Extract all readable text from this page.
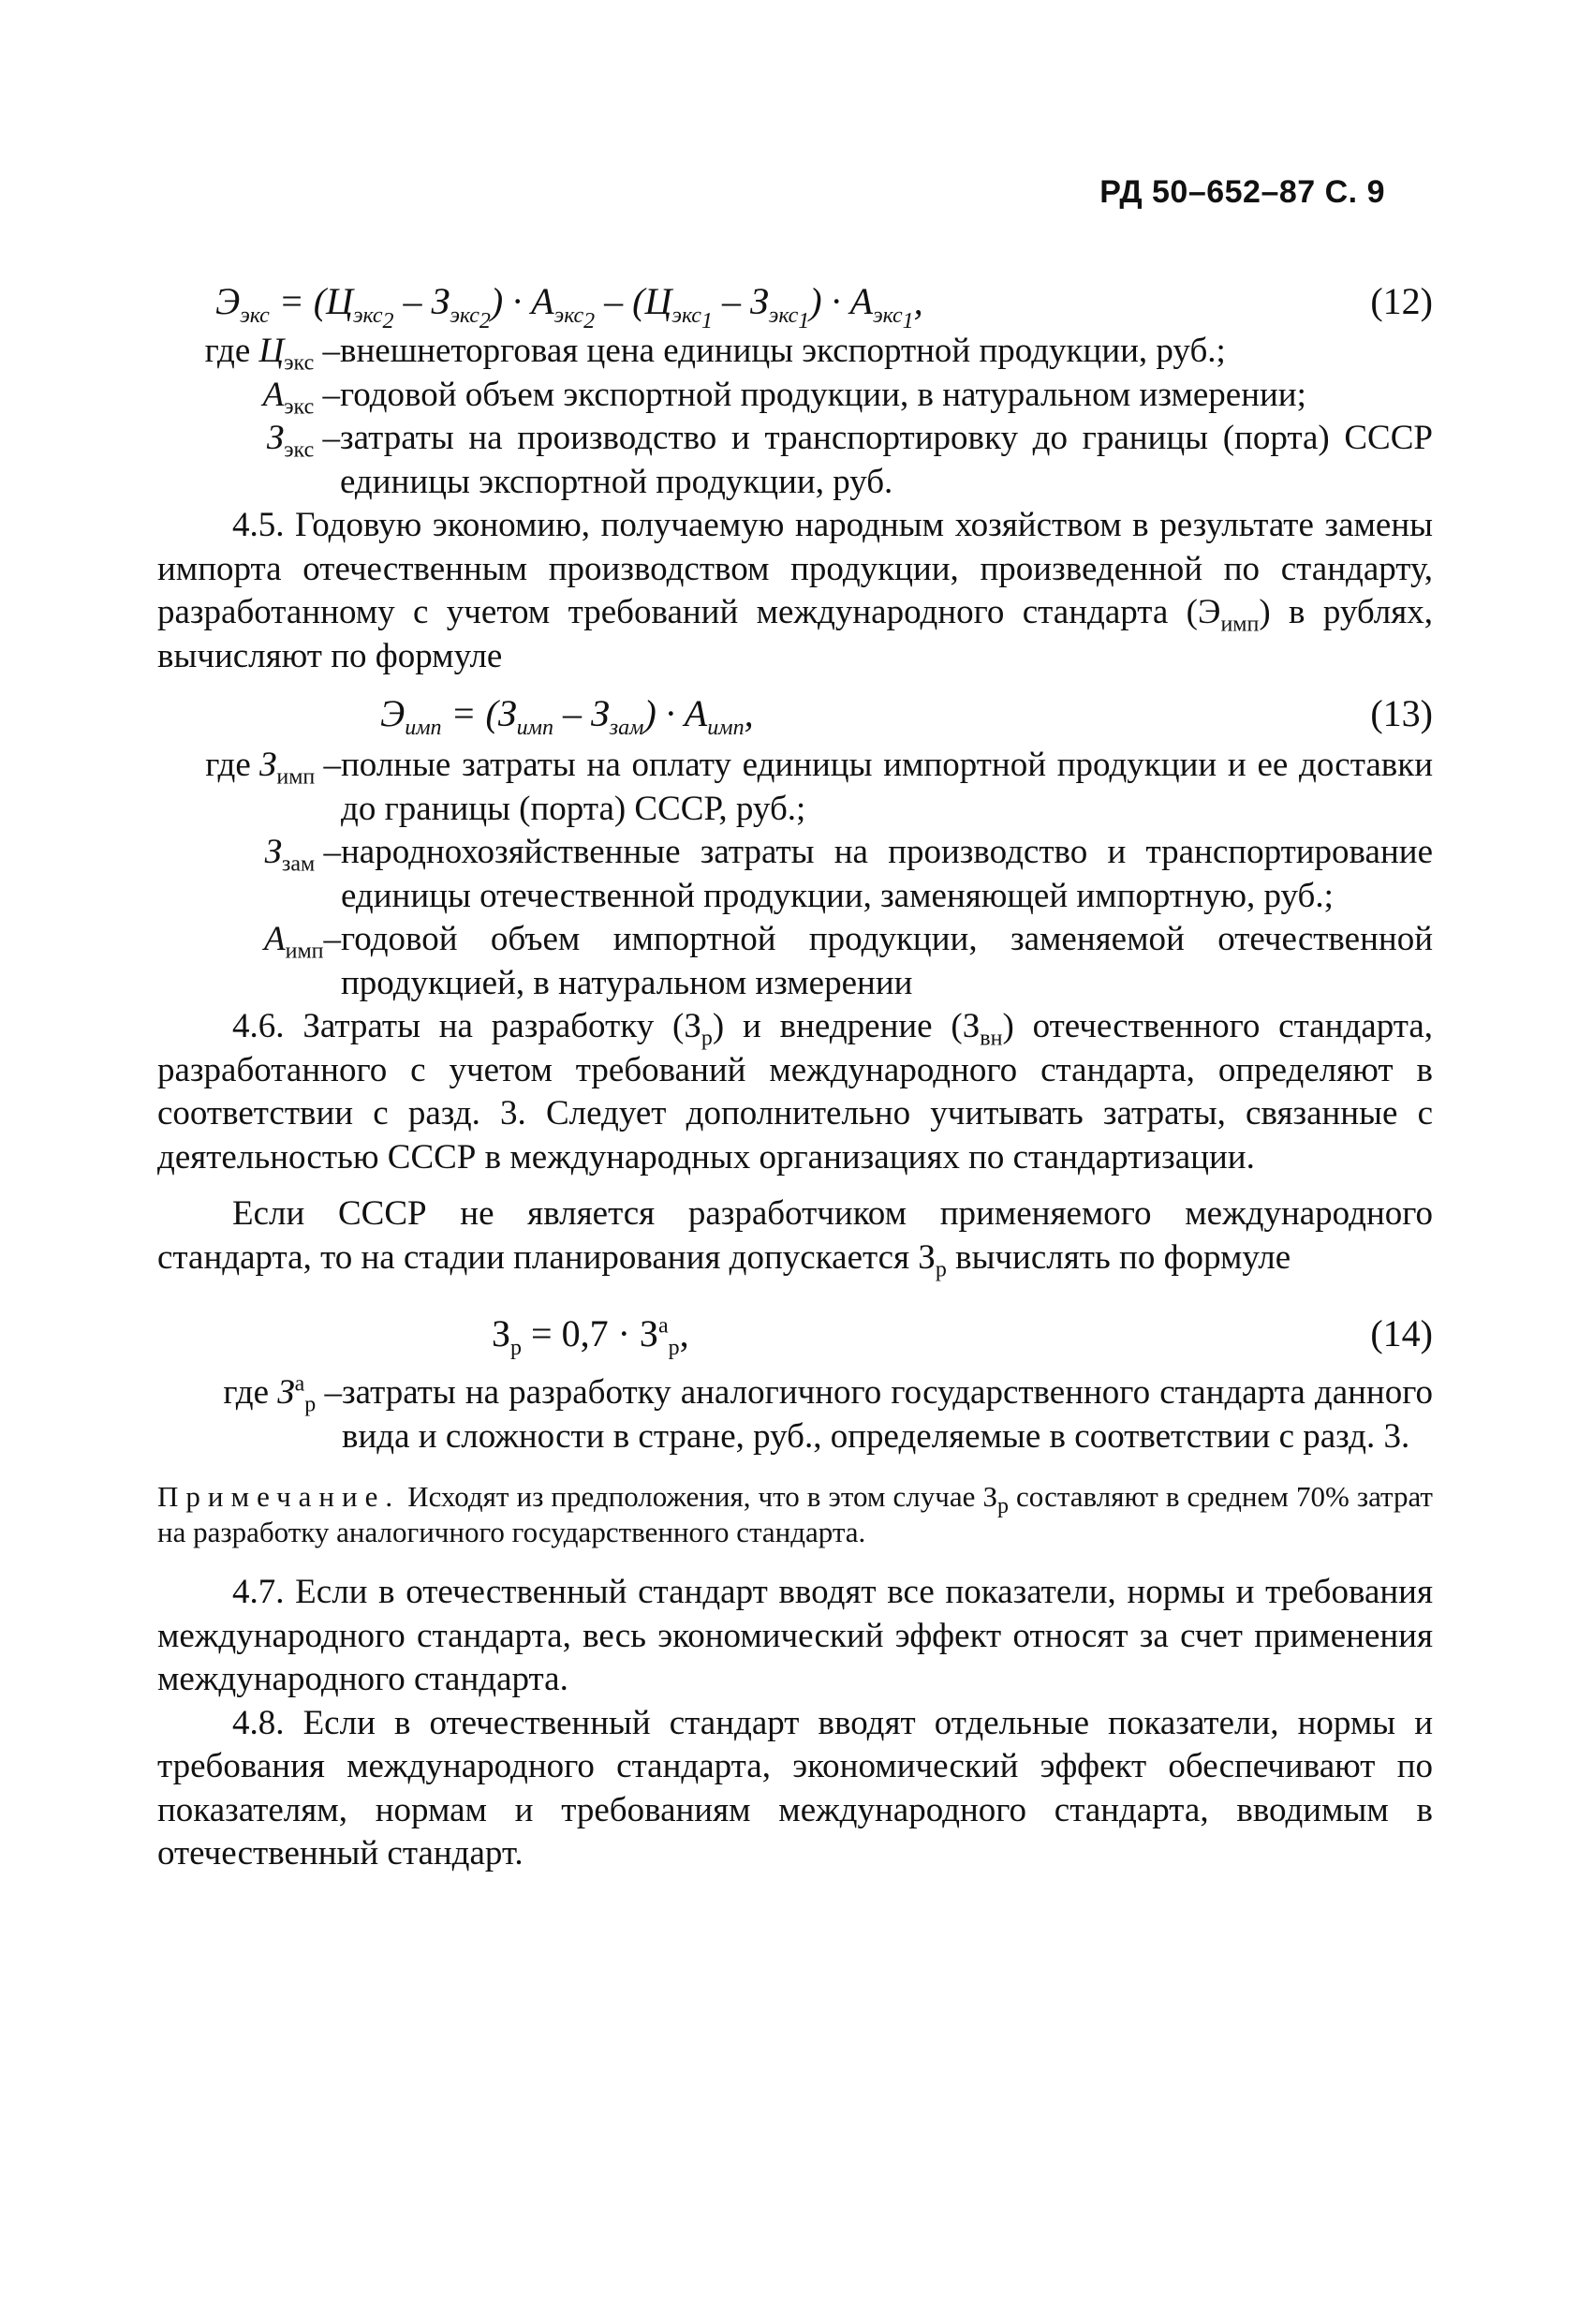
РД 50–652–87 С. 9
$Э_{экс} = (Ц_{экс_2} - З_{экс_2}) \cdot А_{экс_2} - (Ц_{экс_1} - З_{экс_1}) \cdot А_{экс_1}$,	(12)
где $Ц_{экс}$ – внешнеторговая цена единицы экспортной продукции, руб.;
$А_{экс}$ – годовой объем экспортной продукции, в натуральном измерении;
$З_{экс}$ – затраты на производство и транспортировку до границы (порта) СССР единицы экспортной продукции, руб.

4.5. Годовую экономию, получаемую народным хозяйством в результате замены импорта отечественным производством продукции, произведенной по стандарту, разработанному с учетом требований международного стандарта $(Э_{имп})$ в рублях, вычисляют по формуле

$Э_{имп} = (З_{имп} - З_{зам}) \cdot А_{имп}$,	(13)
где $З_{имп}$ – полные затраты на оплату единицы импортной продукции и ее доставки до границы (порта) СССР, руб.;
$З_{зам}$ – народнохозяйственные затраты на производство и транспортирование единицы отечественной продукции, заменяющей импортную, руб.;
$А_{имп}-$ годовой объем импортной продукции, заменяемой отечественной продукцией, в натуральном измерении

4.6. Затраты на разработку $(З_р)$ и внедрение $(З_{вн})$ отечественного стандарта, разработанного с учетом требований международного стандарта, определяют в соответствии с разд. 3. Следует дополнительно учитывать затраты, связанные с деятельностью СССР в международных организациях по стандартизации.

Если СССР не является разработчиком применяемого международного стандарта, то на стадии планирования допускается $З_р$ вычислять по формуле

$З_р = 0,7 \cdot З^а_р$,	(14)
где $З^а_р$ – затраты на разработку аналогичного государственного стандарта данного вида и сложности в стране, руб., определяемые в соответствии с разд. 3.

Примечание. Исходят из предположения, что в этом случае $З_р$ составляют в среднем 70% затрат на разработку аналогичного государственного стандарта.

4.7. Если в отечественный стандарт вводят все показатели, нормы и требования международного стандарта, весь экономический эффект относят за счет применения международного стандарта.

4.8. Если в отечественный стандарт вводят отдельные показатели, нормы и требования международного стандарта, экономический эффект обеспечивают по показателям, нормам и требованиям международного стандарта, вводимым в отечественный стандарт.
